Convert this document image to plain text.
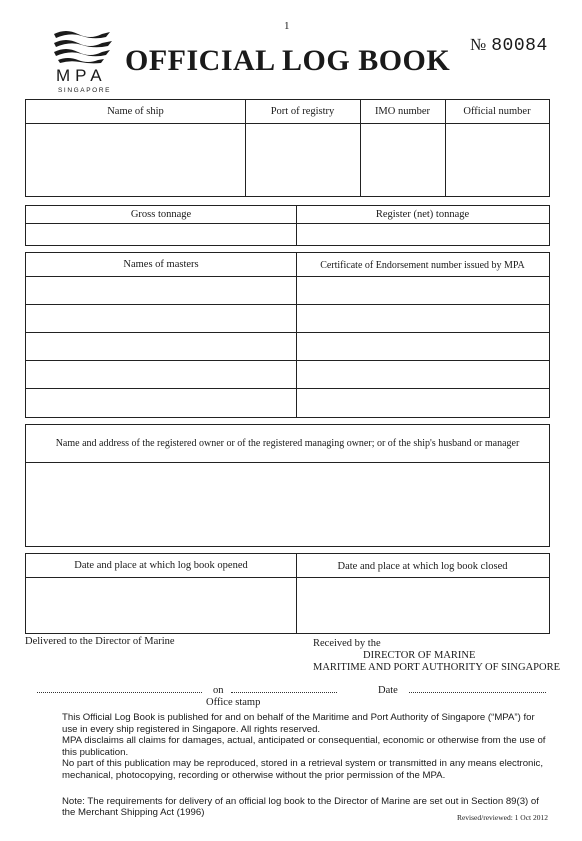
1
MPA
SINGAPORE
OFFICIAL LOG BOOK № 80084
Name of ship	Port of registry	IMO number	Official number
Gross tonnage	Register (net) tonnage
Names of masters	Certificate of Endorsement number issued by MPA
Name and address of the registered owner or of the registered managing owner; or of the ship's husband or manager
Date and place at which log book opened	Date and place at which log book closed
Delivered to the Director of Marine	Received by the
DIRECTOR OF MARINE
MARITIME AND PORT AUTHORITY OF SINGAPORE
on	Date
Office stamp

This Official Log Book is published for and on behalf of the Maritime and Port Authority of Singapore (“MPA”) for use in every ship registered in Singapore. All rights reserved.

MPA disclaims all claims for damages, actual, anticipated or consequential, economic or otherwise from the use of this publication.

No part of this publication may be reproduced, stored in a retrieval system or transmitted in any means electronic, mechanical, photocopying, recording or otherwise without the prior permission of the MPA.

Note: The requirements for delivery of an official log book to the Director of Marine are set out in Section 89(3) of the Merchant Shipping Act (1996)	Revised/reviewed: 1 Oct 2012
